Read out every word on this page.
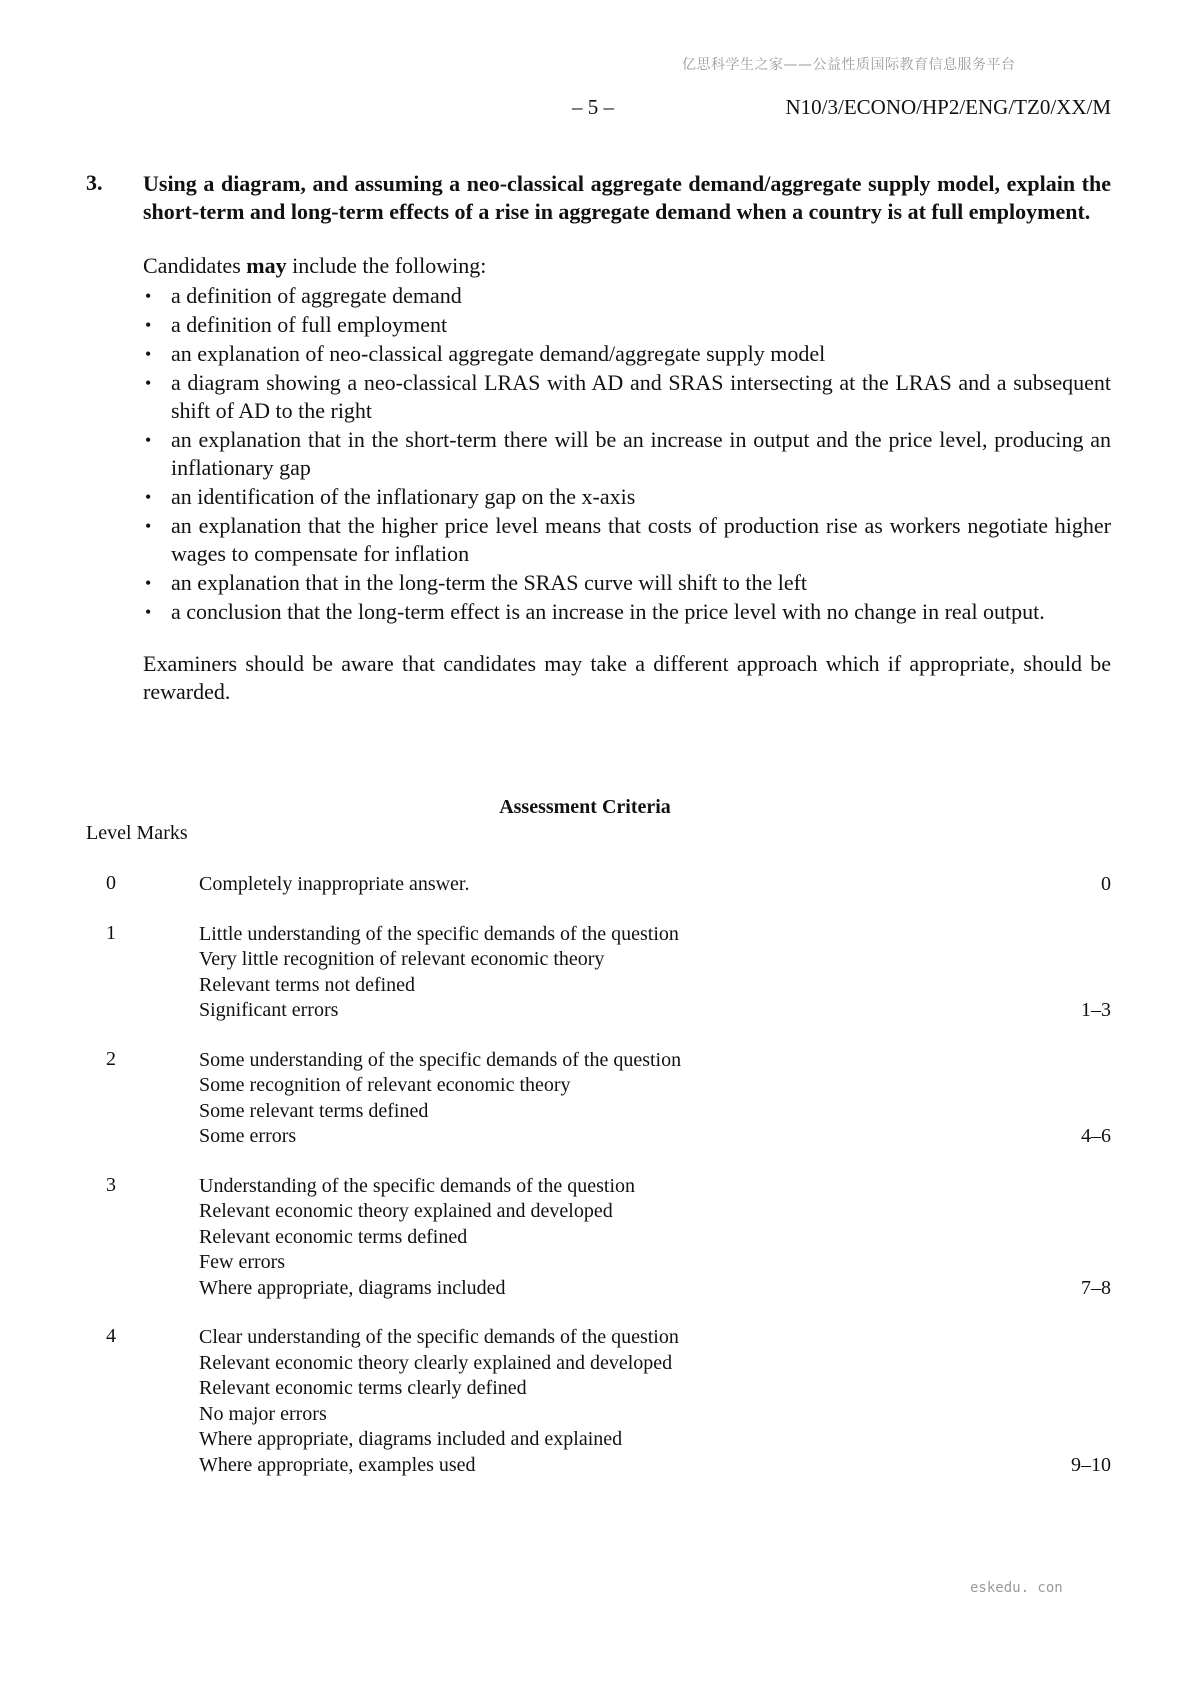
亿思科学生之家——公益性质国际教育信息服务平台
– 5 –	N10/3/ECONO/HP2/ENG/TZ0/XX/M
3. Using a diagram, and assuming a neo-classical aggregate demand/aggregate supply model, explain the short-term and long-term effects of a rise in aggregate demand when a country is at full employment.
Candidates may include the following:
• a definition of aggregate demand
• a definition of full employment
• an explanation of neo-classical aggregate demand/aggregate supply model
• a diagram showing a neo-classical LRAS with AD and SRAS intersecting at the LRAS and a subsequent shift of AD to the right
• an explanation that in the short-term there will be an increase in output and the price level, producing an inflationary gap
• an identification of the inflationary gap on the x-axis
• an explanation that the higher price level means that costs of production rise as workers negotiate higher wages to compensate for inflation
• an explanation that in the long-term the SRAS curve will shift to the left
• a conclusion that the long-term effect is an increase in the price level with no change in real output.
Examiners should be aware that candidates may take a different approach which if appropriate, should be rewarded.
Assessment Criteria
Level Marks
0	Completely inappropriate answer.	0
1	Little understanding of the specific demands of the question
Very little recognition of relevant economic theory
Relevant terms not defined
Significant errors	1–3
2	Some understanding of the specific demands of the question
Some recognition of relevant economic theory
Some relevant terms defined
Some errors	4–6
3	Understanding of the specific demands of the question
Relevant economic theory explained and developed
Relevant economic terms defined
Few errors
Where appropriate, diagrams included	7–8
4	Clear understanding of the specific demands of the question
Relevant economic theory clearly explained and developed
Relevant economic terms clearly defined
No major errors
Where appropriate, diagrams included and explained
Where appropriate, examples used	9–10
eskedu. con
